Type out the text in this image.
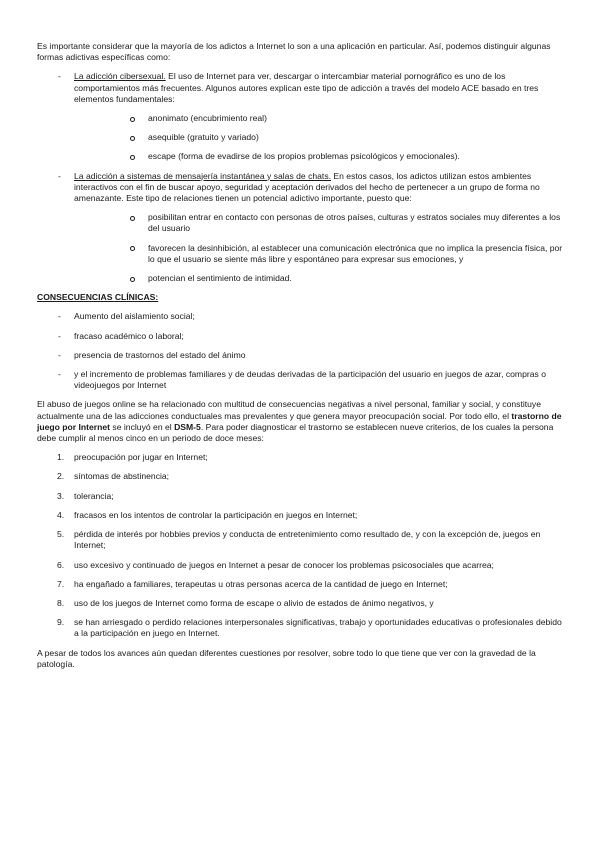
Es importante considerar que la mayoría de los adictos a Internet lo son a una aplicación en particular. Así, podemos distinguir algunas formas adictivas específicas como:

- La adicción cibersexual. El uso de Internet para ver, descargar o intercambiar material pornográfico es uno de los comportamientos más frecuentes. Algunos autores explican este tipo de adicción a través del modelo ACE basado en tres elementos fundamentales:

anonimato (encubrimiento real)
asequible (gratuito y variado)
escape (forma de evadirse de los propios problemas psicológicos y emocionales).
- La adicción a sistemas de mensajería instantánea y salas de chats. En estos casos, los adictos utilizan estos ambientes interactivos con el fin de buscar apoyo, seguridad y aceptación derivados del hecho de pertenecer a un grupo de forma no amenazante. Este tipo de relaciones tienen un potencial adictivo importante, puesto que:

posibilitan entrar en contacto con personas de otros países, culturas y estratos sociales muy diferentes a los del usuario
favorecen la desinhibición, al establecer una comunicación electrónica que no implica la presencia física, por lo que el usuario se siente más libre y espontáneo para expresar sus emociones, y
potencian el sentimiento de intimidad.

CONSECUENCIAS CLÍNICAS:

- Aumento del aislamiento social;
- fracaso académico o laboral;
- presencia de trastornos del estado del ánimo
- y el incremento de problemas familiares y de deudas derivadas de la participación del usuario en juegos de azar, compras o videojuegos por Internet

El abuso de juegos online se ha relacionado con multitud de consecuencias negativas a nivel personal, familiar y social, y constituye actualmente una de las adicciones conductuales mas prevalentes y que genera mayor preocupación social. Por todo ello, el trastorno de juego por Internet se incluyó en el DSM-5. Para poder diagnosticar el trastorno se establecen nueve criterios, de los cuales la persona debe cumplir al menos cinco en un periodo de doce meses:

1. preocupación por jugar en Internet;
2. síntomas de abstinencia;
3. tolerancia;
4. fracasos en los intentos de controlar la participación en juegos en Internet;
5. pérdida de interés por hobbies previos y conducta de entretenimiento como resultado de, y con la excepción de, juegos en Internet;
6. uso excesivo y continuado de juegos en Internet a pesar de conocer los problemas psicosociales que acarrea;
7. ha engañado a familiares, terapeutas u otras personas acerca de la cantidad de juego en Internet;
8. uso de los juegos de Internet como forma de escape o alivio de estados de ánimo negativos, y
9. se han arriesgado o perdido relaciones interpersonales significativas, trabajo y oportunidades educativas o profesionales debido a la participación en juego en Internet.

A pesar de todos los avances aún quedan diferentes cuestiones por resolver, sobre todo lo que tiene que ver con la gravedad de la patología.
